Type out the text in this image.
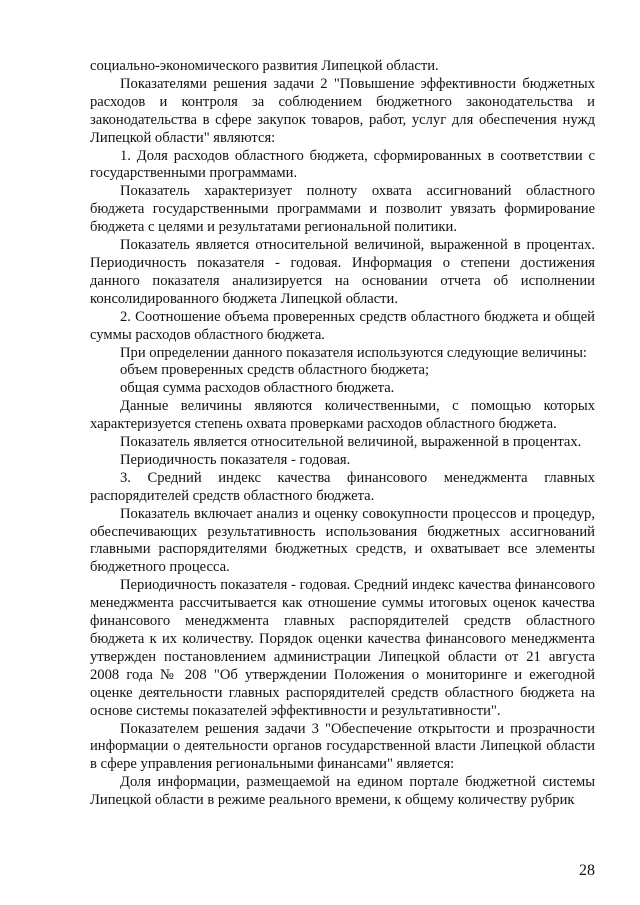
социально-экономического развития Липецкой области.

Показателями решения задачи 2 "Повышение эффективности бюджетных расходов и контроля за соблюдением бюджетного законодательства и законодательства в сфере закупок товаров, работ, услуг для обеспечения нужд Липецкой области" являются:

1. Доля расходов областного бюджета, сформированных в соответствии с государственными программами.

Показатель характеризует полноту охвата ассигнований областного бюджета государственными программами и позволит увязать формирование бюджета с целями и результатами региональной политики.

Показатель является относительной величиной, выраженной в процентах. Периодичность показателя - годовая. Информация о степени достижения данного показателя анализируется на основании отчета об исполнении консолидированного бюджета Липецкой области.

2. Соотношение объема проверенных средств областного бюджета и общей суммы расходов областного бюджета.

При определении данного показателя используются следующие величины:

объем проверенных средств областного бюджета;

общая сумма расходов областного бюджета.

Данные величины являются количественными, с помощью которых характеризуется степень охвата проверками расходов областного бюджета.

Показатель является относительной величиной, выраженной в процентах.

Периодичность показателя - годовая.

3. Средний индекс качества финансового менеджмента главных распорядителей средств областного бюджета.

Показатель включает анализ и оценку совокупности процессов и процедур, обеспечивающих результативность использования бюджетных ассигнований главными распорядителями бюджетных средств, и охватывает все элементы бюджетного процесса.

Периодичность показателя - годовая. Средний индекс качества финансового менеджмента рассчитывается как отношение суммы итоговых оценок качества финансового менеджмента главных распорядителей средств областного бюджета к их количеству. Порядок оценки качества финансового менеджмента утвержден постановлением администрации Липецкой области от 21 августа 2008 года № 208 "Об утверждении Положения о мониторинге и ежегодной оценке деятельности главных распорядителей средств областного бюджета на основе системы показателей эффективности и результативности".

Показателем решения задачи 3 "Обеспечение открытости и прозрачности информации о деятельности органов государственной власти Липецкой области в сфере управления региональными финансами" является:

Доля информации, размещаемой на едином портале бюджетной системы Липецкой области в режиме реального времени, к общему количеству рубрик

28
